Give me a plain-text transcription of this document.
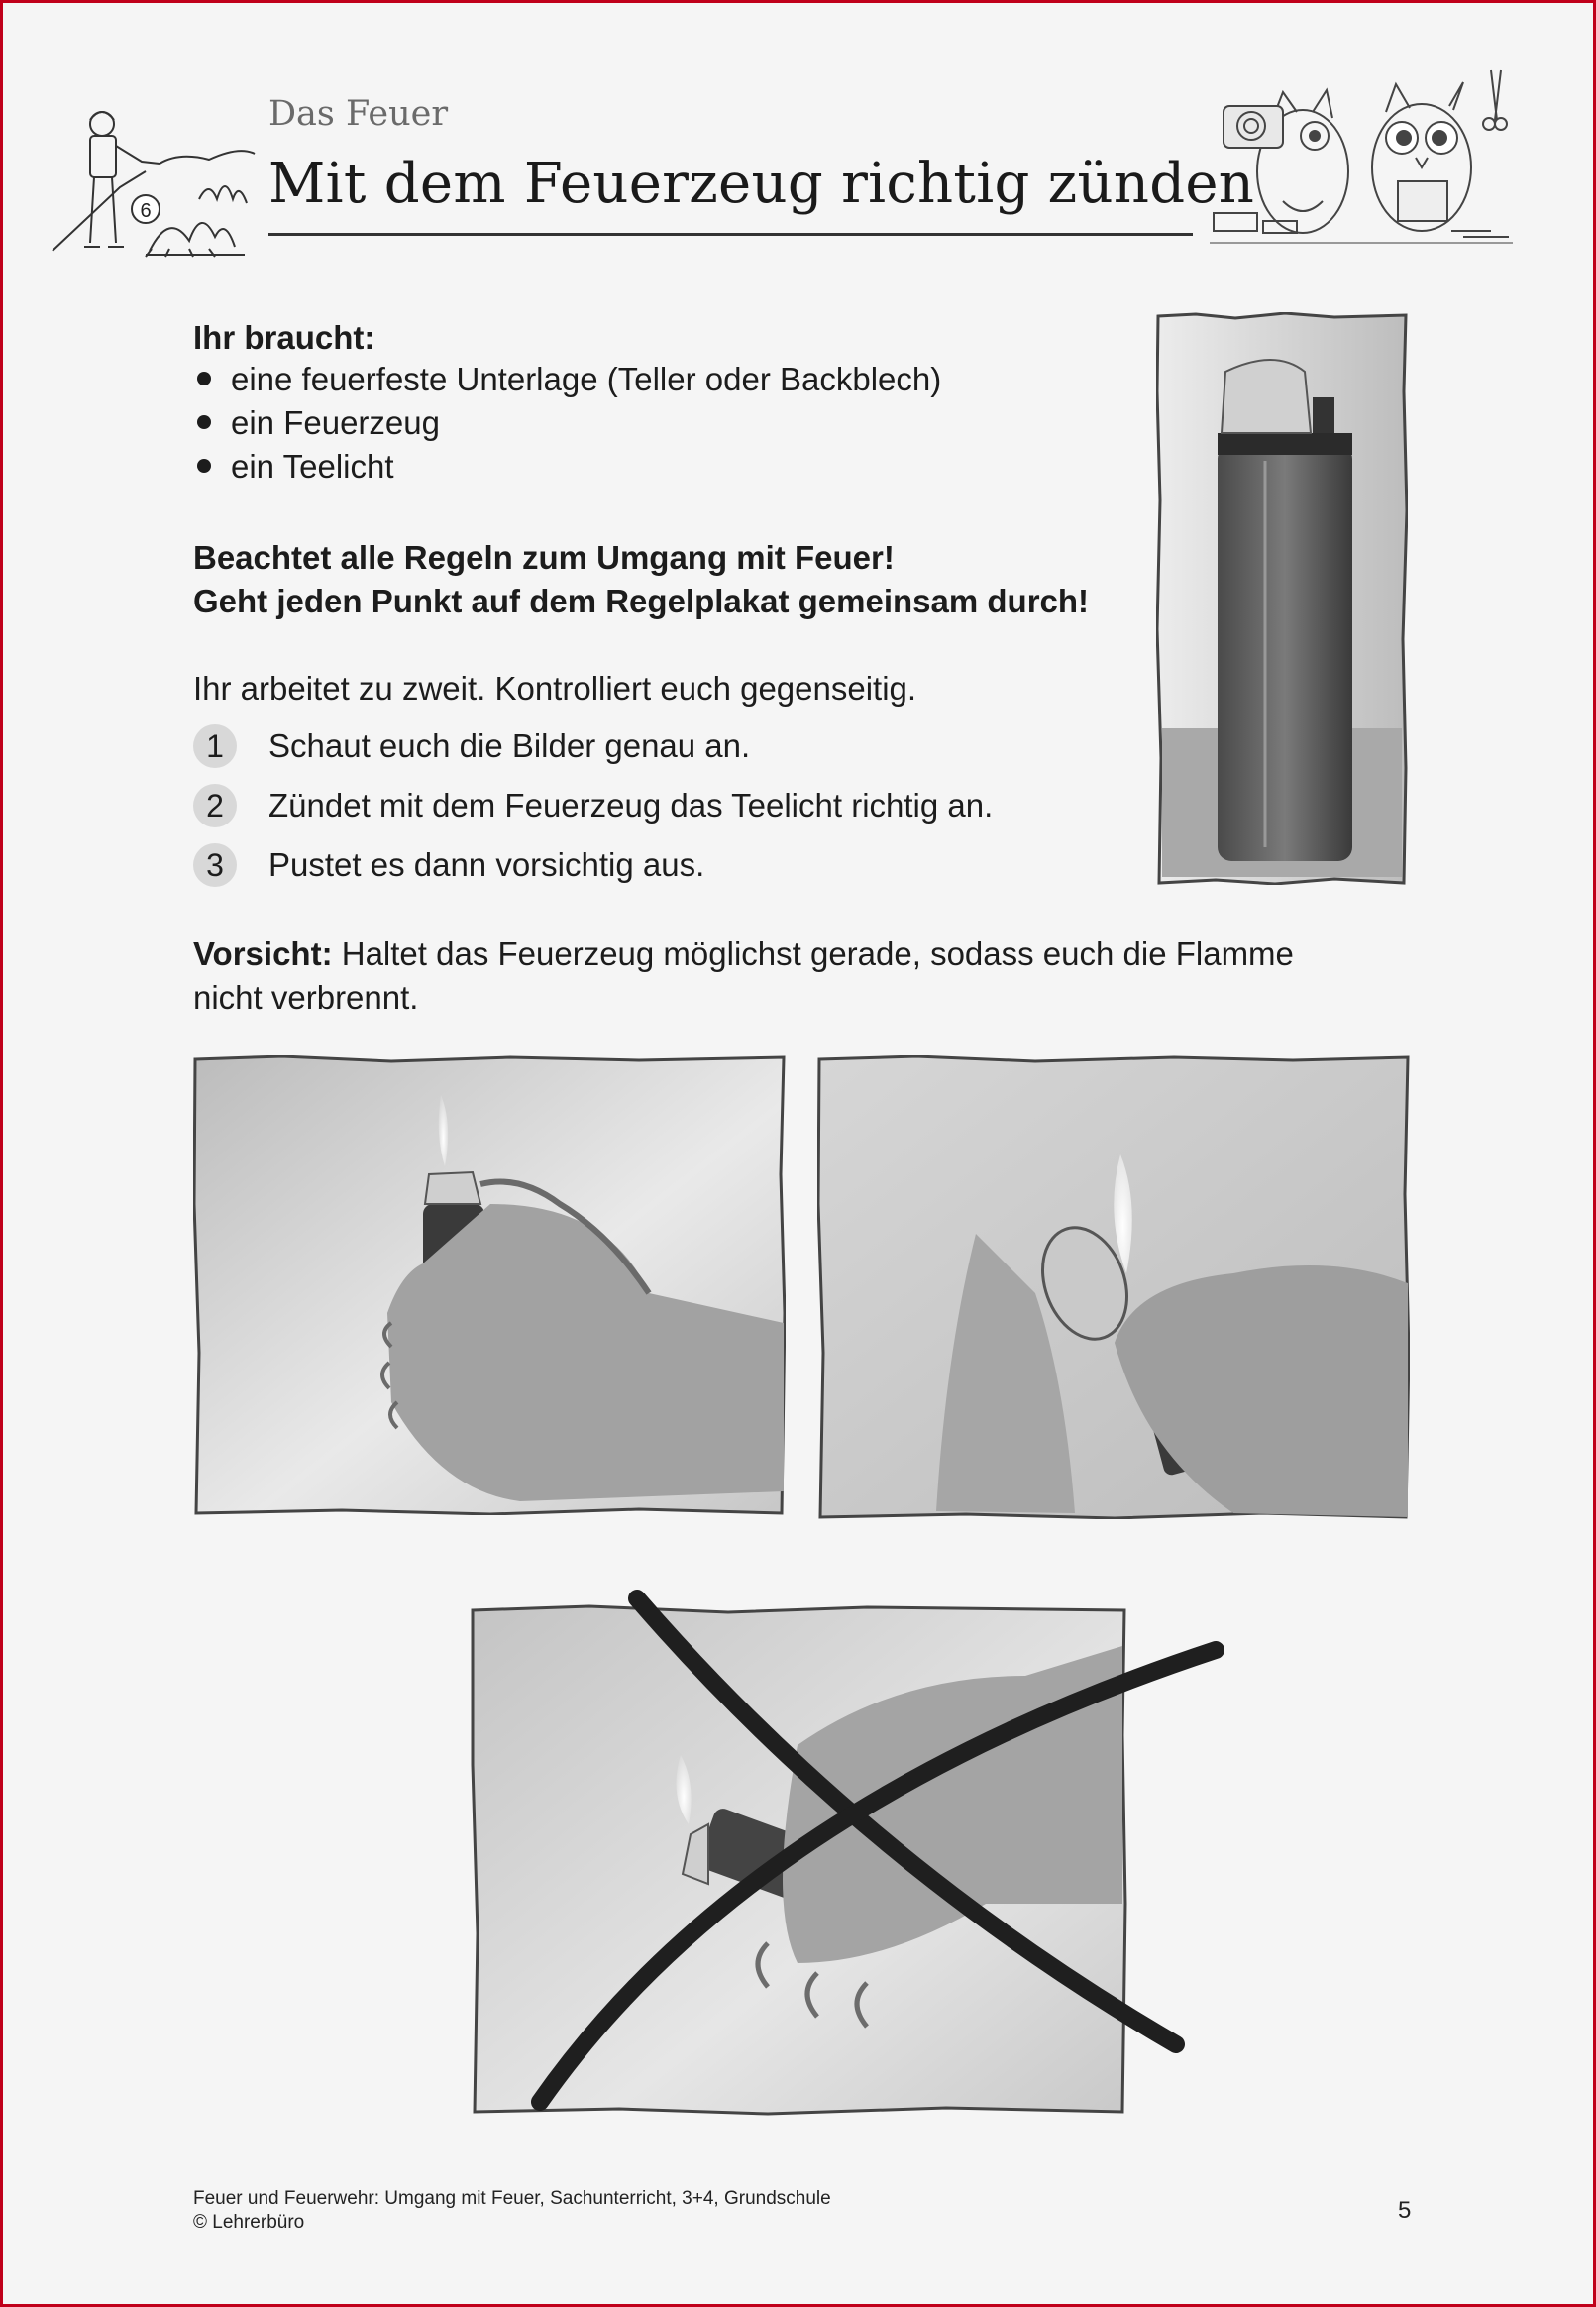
6
Das Feuer
Mit dem Feuerzeug richtig zünden
Ihr braucht:
eine feuerfeste Unterlage (Teller oder Backblech)
ein Feuerzeug
ein Teelicht
Beachtet alle Regeln zum Umgang mit Feuer!
Geht jeden Punkt auf dem Regelplakat gemeinsam durch!
Ihr arbeitet zu zweit. Kontrolliert euch gegenseitig.
1	Schaut euch die Bilder genau an.
2	Zündet mit dem Feuerzeug das Teelicht richtig an.
3	Pustet es dann vorsichtig aus.
Vorsicht: Haltet das Feuerzeug möglichst gerade, sodass euch die Flamme
nicht verbrennt.
Feuer und Feuerwehr: Umgang mit Feuer, Sachunterricht, 3+4, Grundschule
© Lehrerbüro	5
